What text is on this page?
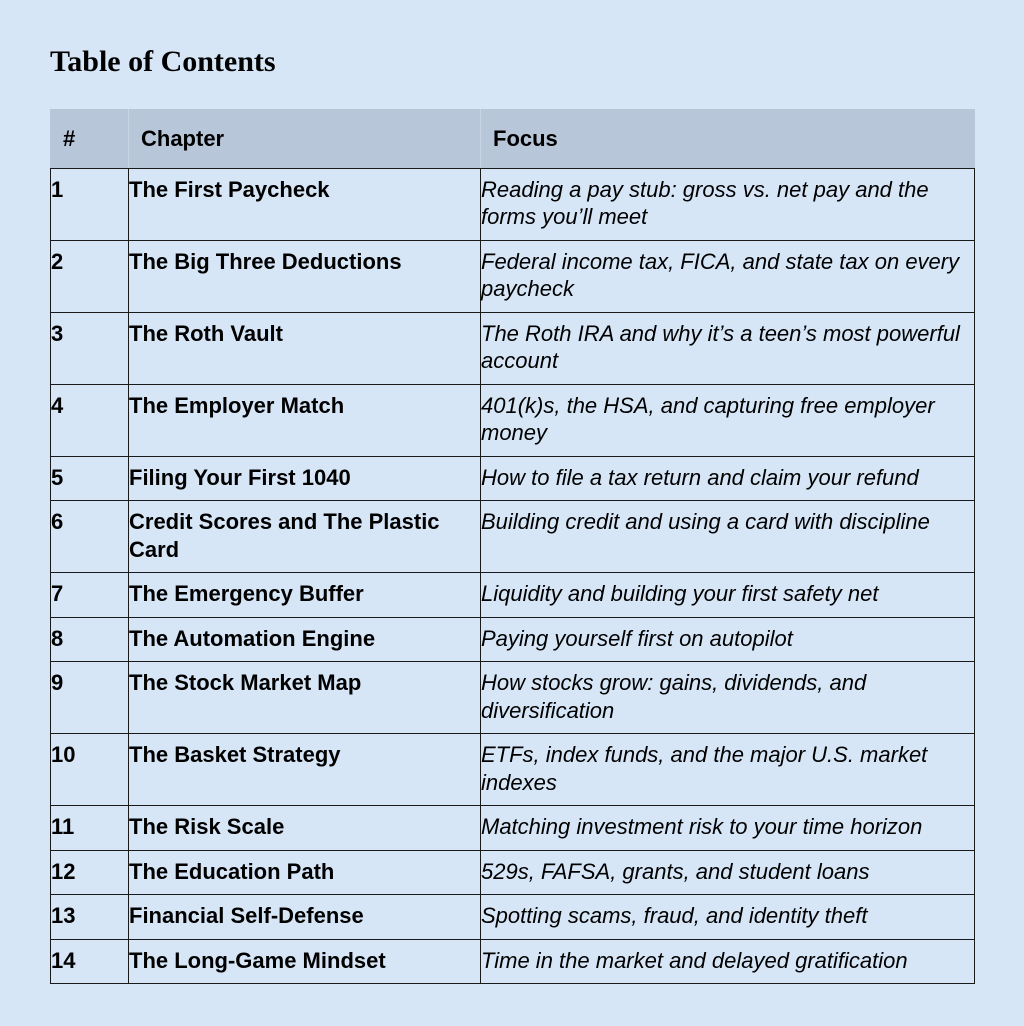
Table of Contents
#	Chapter	Focus
1	The First Paycheck	Reading a pay stub: gross vs. net pay and the forms you’ll meet
2	The Big Three Deductions	Federal income tax, FICA, and state tax on every paycheck
3	The Roth Vault	The Roth IRA and why it’s a teen’s most powerful account
4	The Employer Match	401(k)s, the HSA, and capturing free employer money
5	Filing Your First 1040	How to file a tax return and claim your refund
6	Credit Scores and The Plastic Card	Building credit and using a card with discipline
7	The Emergency Buffer	Liquidity and building your first safety net
8	The Automation Engine	Paying yourself first on autopilot
9	The Stock Market Map	How stocks grow: gains, dividends, and diversification
10	The Basket Strategy	ETFs, index funds, and the major U.S. market indexes
11	The Risk Scale	Matching investment risk to your time horizon
12	The Education Path	529s, FAFSA, grants, and student loans
13	Financial Self-Defense	Spotting scams, fraud, and identity theft
14	The Long-Game Mindset	Time in the market and delayed gratification
